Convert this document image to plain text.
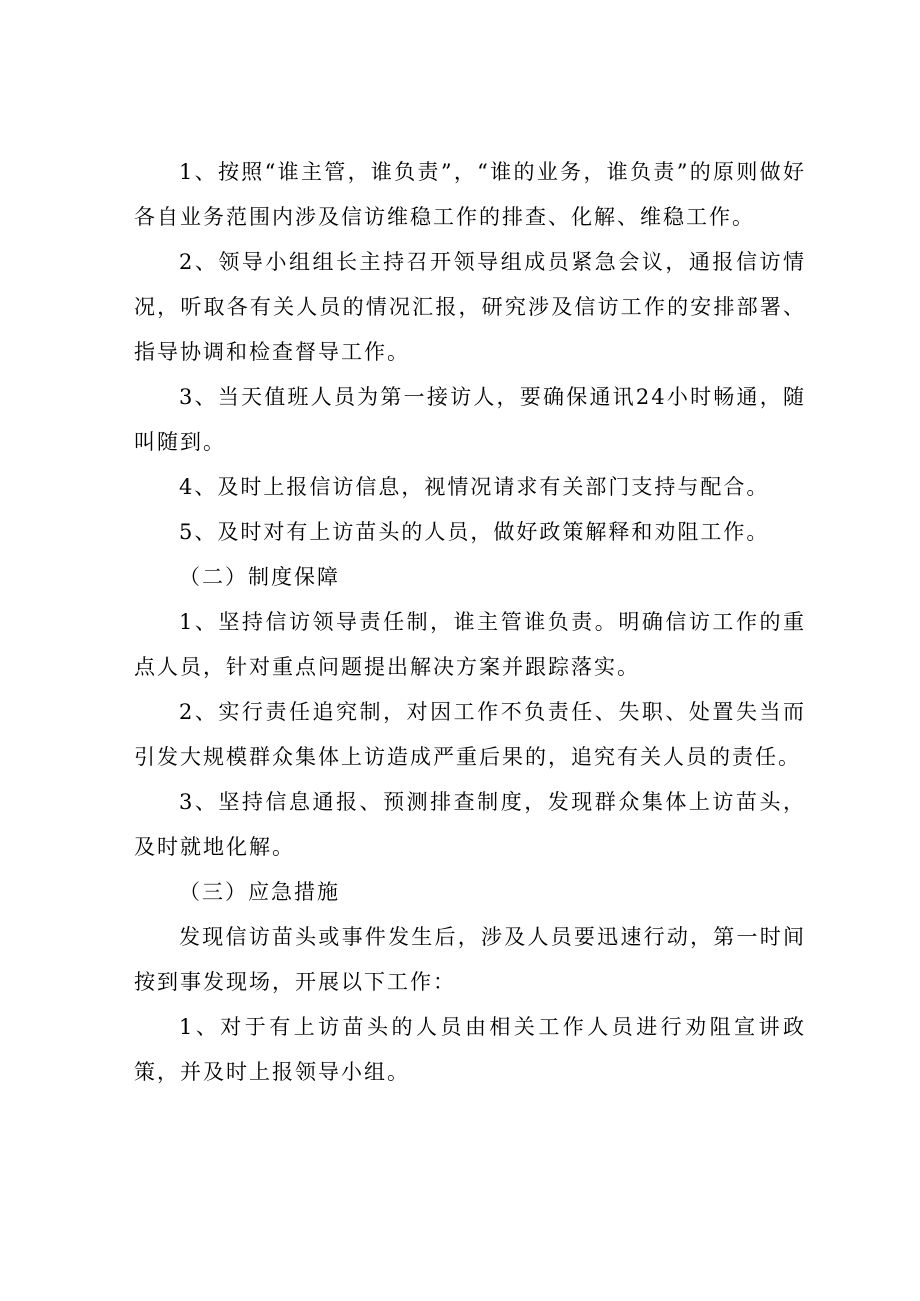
1、按照“谁主管，谁负责”，“谁的业务，谁负责”的原则做好各自业务范围内涉及信访维稳工作的排查、化解、维稳工作。

2、领导小组组长主持召开领导组成员紧急会议，通报信访情况，听取各有关人员的情况汇报，研究涉及信访工作的安排部署、指导协调和检查督导工作。

3、当天值班人员为第一接访人，要确保通讯24小时畅通，随叫随到。

4、及时上报信访信息，视情况请求有关部门支持与配合。

5、及时对有上访苗头的人员，做好政策解释和劝阻工作。

（二）制度保障

1、坚持信访领导责任制，谁主管谁负责。明确信访工作的重点人员，针对重点问题提出解决方案并跟踪落实。

2、实行责任追究制，对因工作不负责任、失职、处置失当而引发大规模群众集体上访造成严重后果的，追究有关人员的责任。

3、坚持信息通报、预测排查制度，发现群众集体上访苗头，及时就地化解。

（三）应急措施

发现信访苗头或事件发生后，涉及人员要迅速行动，第一时间按到事发现场，开展以下工作：

1、对于有上访苗头的人员由相关工作人员进行劝阻宣讲政策，并及时上报领导小组。
